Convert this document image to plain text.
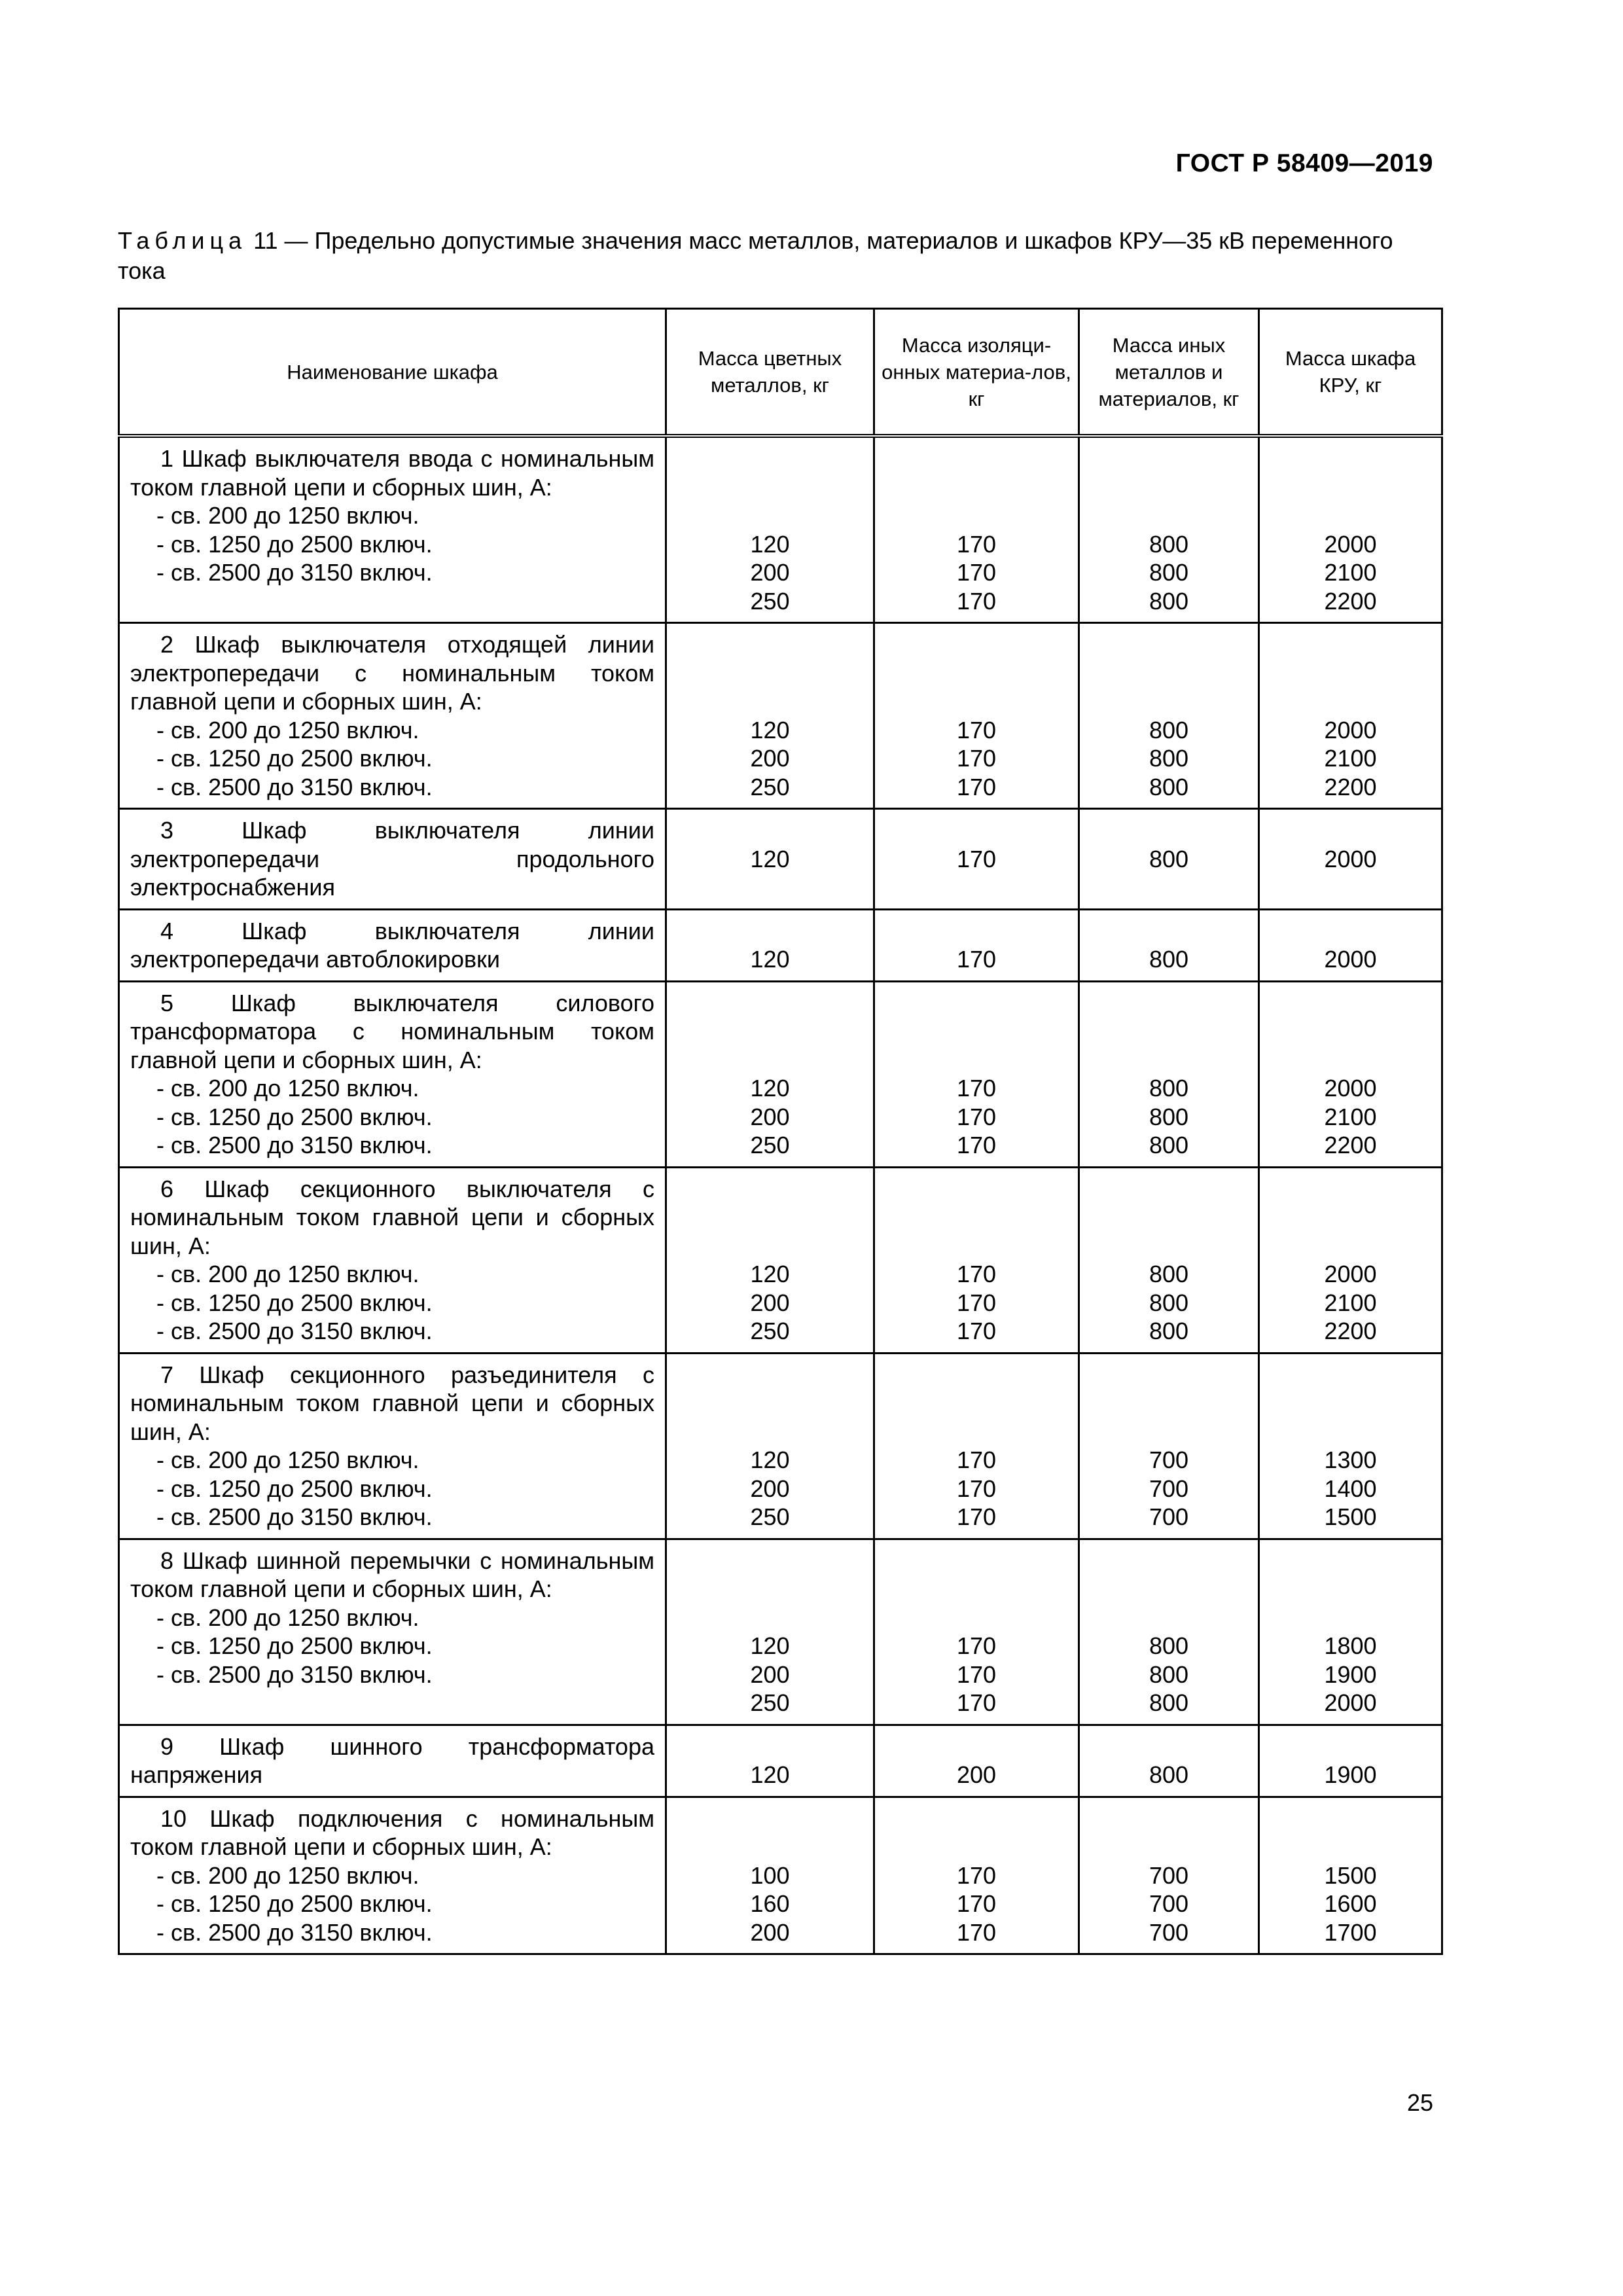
ГОСТ Р 58409—2019
Таблица 11 — Предельно допустимые значения масс металлов, материалов и шкафов КРУ—35 кВ переменного тока
Наименование шкафа	Масса цветных металлов, кг	Масса изоляци-онных материа-лов, кг	Масса иных металлов и материалов, кг	Масса шкафа КРУ, кг

1 Шкаф выключателя ввода с номинальным током главной цепи и сборных шин, А:
- св. 200 до 1250 включ.
- св. 1250 до 2500 включ.
- св. 2500 до 3150 включ.	120
200
250	170
170
170	800
800
800	2000
2100
2200

2 Шкаф выключателя отходящей линии электропередачи с номинальным током главной цепи и сборных шин, А:
- св. 200 до 1250 включ.
- св. 1250 до 2500 включ.
- св. 2500 до 3150 включ.	120
200
250	170
170
170	800
800
800	2000
2100
2200

3 Шкаф выключателя линии электропередачи продольного электроснабжения	120	170	800	2000

4 Шкаф выключателя линии электропередачи автоблокировки	120	170	800	2000

5 Шкаф выключателя силового трансформатора с номинальным током главной цепи и сборных шин, А:
- св. 200 до 1250 включ.
- св. 1250 до 2500 включ.
- св. 2500 до 3150 включ.	120
200
250	170
170
170	800
800
800	2000
2100
2200

6 Шкаф секционного выключателя с номинальным током главной цепи и сборных шин, А:
- св. 200 до 1250 включ.
- св. 1250 до 2500 включ.
- св. 2500 до 3150 включ.	120
200
250	170
170
170	800
800
800	2000
2100
2200

7 Шкаф секционного разъединителя с номинальным током главной цепи и сборных шин, А:
- св. 200 до 1250 включ.
- св. 1250 до 2500 включ.
- св. 2500 до 3150 включ.	120
200
250	170
170
170	700
700
700	1300
1400
1500

8 Шкаф шинной перемычки с номинальным током главной цепи и сборных шин, А:
- св. 200 до 1250 включ.
- св. 1250 до 2500 включ.
- св. 2500 до 3150 включ.	120
200
250	170
170
170	800
800
800	1800
1900
2000

9 Шкаф шинного трансформатора напряжения	120	200	800	1900

10 Шкаф подключения с номинальным током главной цепи и сборных шин, А:
- св. 200 до 1250 включ.
- св. 1250 до 2500 включ.
- св. 2500 до 3150 включ.	100
160
200	170
170
170	700
700
700	1500
1600
1700
25
